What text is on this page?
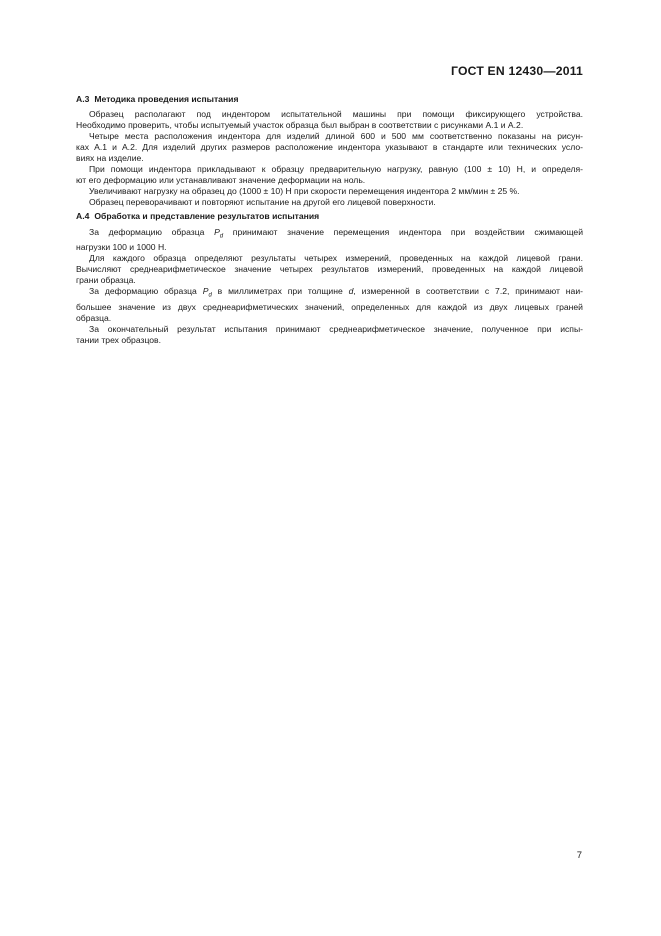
ГОСТ EN 12430—2011
А.3 Методика проведения испытания
Образец располагают под индентором испытательной машины при помощи фиксирующего устройства.
Необходимо проверить, чтобы испытуемый участок образца был выбран в соответствии с рисунками А.1 и А.2.
Четыре места расположения индентора для изделий длиной 600 и 500 мм соответственно показаны на рисун-
ках А.1 и А.2. Для изделий других размеров расположение индентора указывают в стандарте или технических усло-
виях на изделие.
При помощи индентора прикладывают к образцу предварительную нагрузку, равную (100 ± 10) Н, и определя-
ют его деформацию или устанавливают значение деформации на ноль.
Увеличивают нагрузку на образец до (1000 ± 10) Н при скорости перемещения индентора 2 мм/мин ± 25 %.
Образец переворачивают и повторяют испытание на другой его лицевой поверхности.
А.4 Обработка и представление результатов испытания
За деформацию образца $P_d$ принимают значение перемещения индентора при воздействии сжимающей
нагрузки 100 и 1000 Н.
Для каждого образца определяют результаты четырех измерений, проведенных на каждой лицевой грани.
Вычисляют среднеарифметическое значение четырех результатов измерений, проведенных на каждой лицевой
грани образца.
За деформацию образца $P_d$ в миллиметрах при толщине d, измеренной в соответствии с 7.2, принимают наи-
большее значение из двух среднеарифметических значений, определенных для каждой из двух лицевых граней
образца.
За окончательный результат испытания принимают среднеарифметическое значение, полученное при испы-
тании трех образцов.
7
